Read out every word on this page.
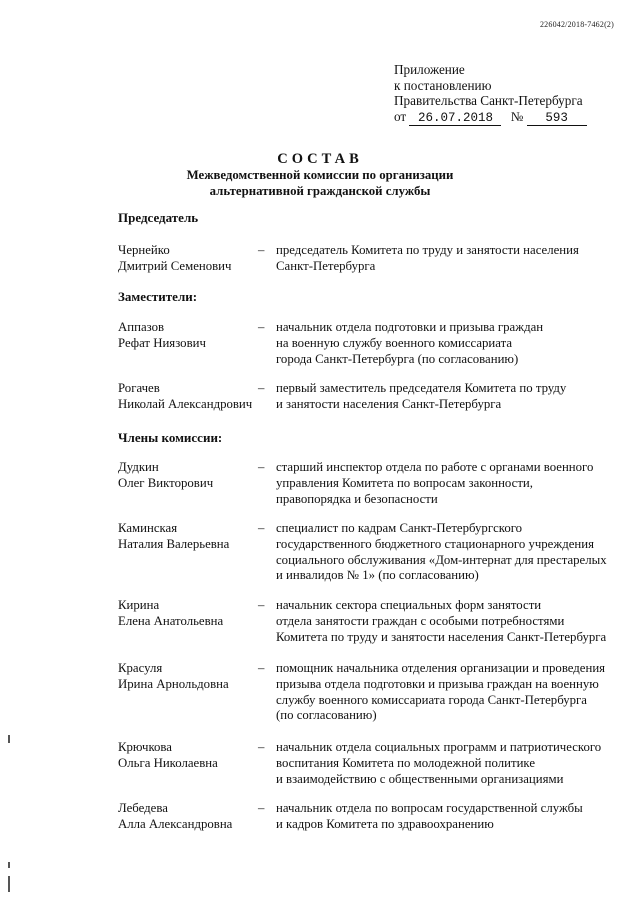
226042/2018-7462(2)
Приложение
к постановлению
Правительства Санкт-Петербурга
от 26.07.2018 № 593
СОСТАВ
Межведомственной комиссии по организации
альтернативной гражданской службы
Председатель
Заместители:
Члены комиссии:
Чернейко
Дмитрий Семенович
– председатель Комитета по труду и занятости населения
Санкт-Петербурга
Аппазов
Рефат Ниязович
– начальник отдела подготовки и призыва граждан
на военную службу военного комиссариата
города Санкт-Петербурга (по согласованию)
Рогачев
Николай Александрович
– первый заместитель председателя Комитета по труду
и занятости населения Санкт-Петербурга
Дудкин
Олег Викторович
– старший инспектор отдела по работе с органами военного
управления Комитета по вопросам законности,
правопорядка и безопасности
Каминская
Наталия Валерьевна
– специалист по кадрам Санкт-Петербургского
государственного бюджетного стационарного учреждения
социального обслуживания «Дом-интернат для престарелых
и инвалидов № 1» (по согласованию)
Кирина
Елена Анатольевна
– начальник сектора специальных форм занятости
отдела занятости граждан с особыми потребностями
Комитета по труду и занятости населения Санкт-Петербурга
Красуля
Ирина Арнольдовна
– помощник начальника отделения организации и проведения
призыва отдела подготовки и призыва граждан на военную
службу военного комиссариата города Санкт-Петербурга
(по согласованию)
Крючкова
Ольга Николаевна
– начальник отдела социальных программ и патриотического
воспитания Комитета по молодежной политике
и взаимодействию с общественными организациями
Лебедева
Алла Александровна
– начальник отдела по вопросам государственной службы
и кадров Комитета по здравоохранению
